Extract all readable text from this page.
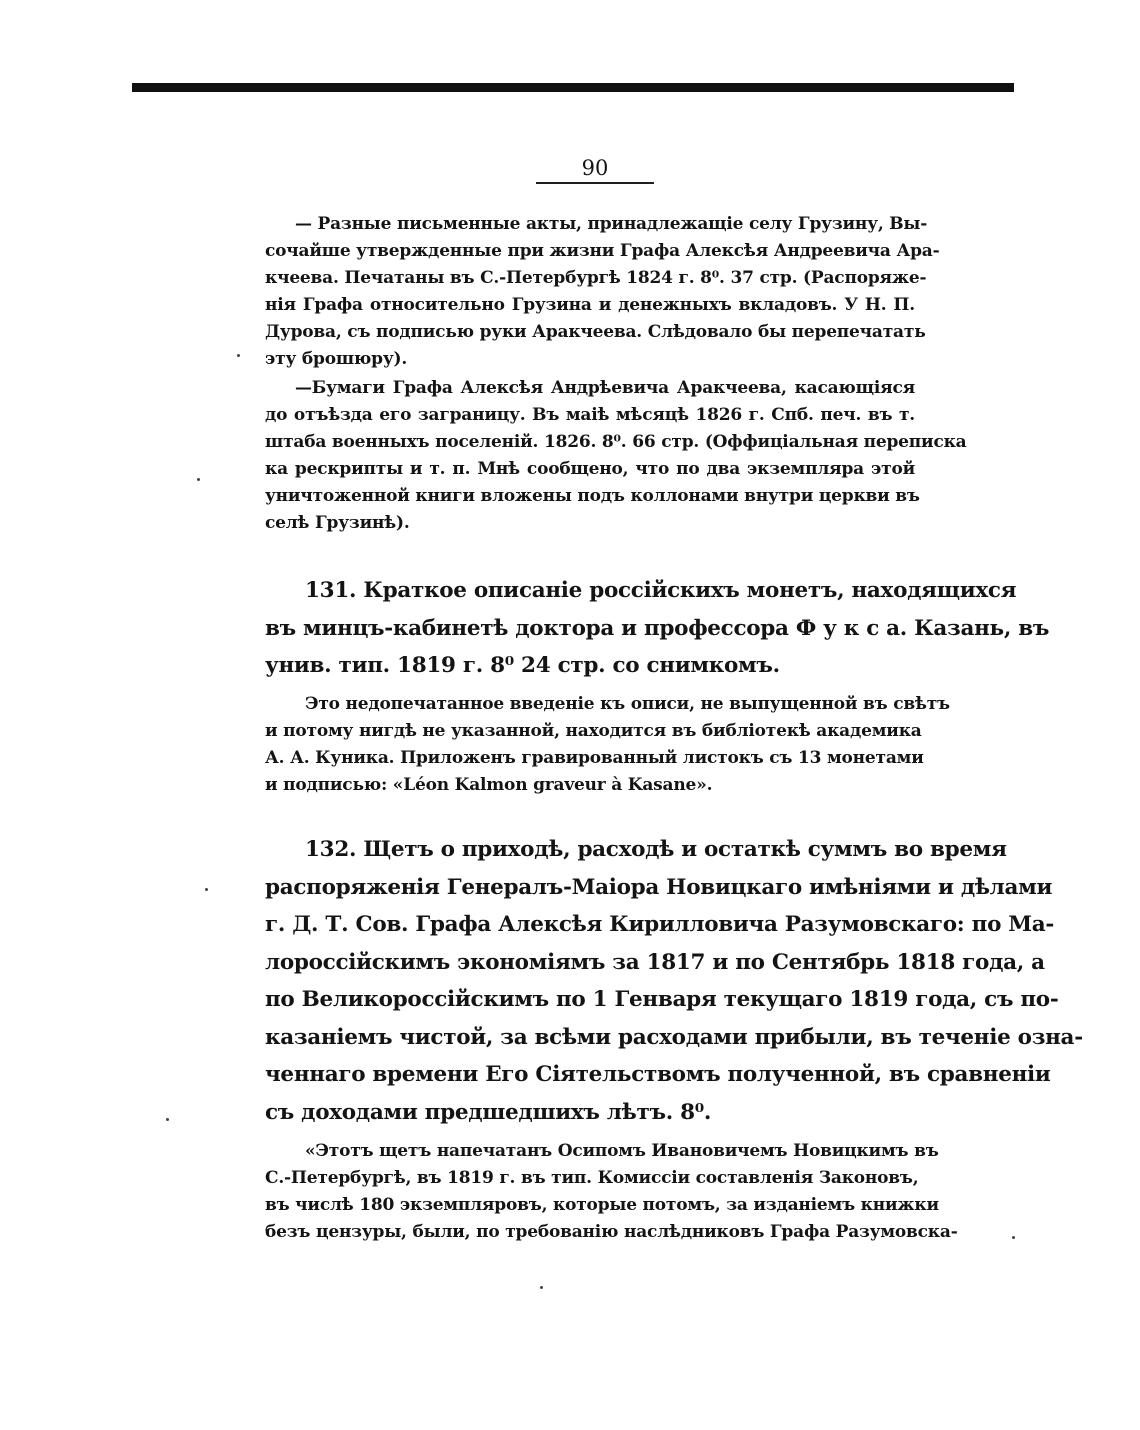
90
— Разные письменные акты, принадлежащіе селу Грузину, Вы-
сочайше утвержденные при жизни Графа Алексѣя Андреевича Ара-
кчеева. Печатаны въ С.-Петербургѣ 1824 г. 8⁰. 37 стр. (Распоряже-
нія Графа относительно Грузина и денежныхъ вкладовъ. У Н. П.
Дурова, съ подписью руки Аракчеева. Слѣдовало бы перепечатать
эту брошюру).
—Бумаги Графа Алексѣя Андрѣевича Аракчеева, касающіяся
до отъѣзда его заграницу. Въ маіѣ мѣсяцѣ 1826 г. Спб. печ. въ т.
штаба военныхъ поселеній. 1826. 8⁰. 66 стр. (Оффиціальная переписка
ка рескрипты и т. п. Мнѣ сообщено, что по два экземпляра этой
уничтоженной книги вложены подъ коллонами внутри церкви въ
селѣ Грузинѣ).
131. Краткое описаніе россійскихъ монетъ, находящихся
въ минцъ-кабинетѣ доктора и профессора Ф у к с а. Казань, въ
унив. тип. 1819 г. 8⁰ 24 стр. со снимкомъ.
Это недопечатанное введеніе къ описи, не выпущенной въ свѣтъ
и потому нигдѣ не указанной, находится въ библіотекѣ академика
А. А. Куника. Приложенъ гравированный листокъ съ 13 монетами
и подписью: «Léon Kalmon graveur à Kasane».
132. Щетъ о приходѣ, расходѣ и остаткѣ суммъ во время
распоряженія Генералъ-Маіора Новицкаго имѣніями и дѣлами
г. Д. Т. Сов. Графа Алексѣя Кирилловича Разумовскаго: по Ма-
лороссійскимъ экономіямъ за 1817 и по Сентябрь 1818 года, а
по Великороссійскимъ по 1 Генваря текущаго 1819 года, съ по-
казаніемъ чистой, за всѣми расходами прибыли, въ теченіе озна-
ченнаго времени Его Сіятельствомъ полученной, въ сравненіи
съ доходами предшедшихъ лѣтъ. 8⁰.
«Этотъ щетъ напечатанъ Осипомъ Ивановичемъ Новицкимъ въ
С.-Петербургѣ, въ 1819 г. въ тип. Комиссіи составленія Законовъ,
въ числѣ 180 экземпляровъ, которые потомъ, за изданіемъ книжки
безъ цензуры, были, по требованію наслѣдниковъ Графа Разумовска-
